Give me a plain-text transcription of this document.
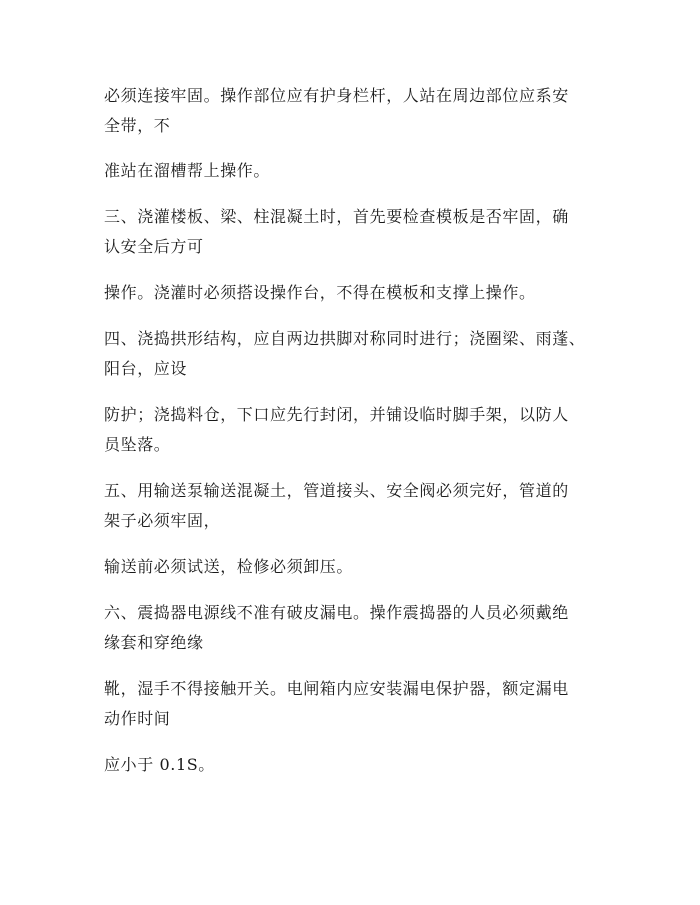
必须连接牢固。操作部位应有护身栏杆，人站在周边部位应系安

全带，不

准站在溜槽帮上操作。

三、浇灌楼板、梁、柱混凝土时，首先要检查模板是否牢固，确

认安全后方可

操作。浇灌时必须搭设操作台，不得在模板和支撑上操作。

四、浇捣拱形结构，应自两边拱脚对称同时进行；浇圈梁、雨蓬、

阳台，应设

防护；浇捣料仓，下口应先行封闭，并铺设临时脚手架，以防人

员坠落。

五、用输送泵输送混凝土，管道接头、安全阀必须完好，管道的

架子必须牢固，

输送前必须试送，检修必须卸压。

六、震捣器电源线不准有破皮漏电。操作震捣器的人员必须戴绝

缘套和穿绝缘

靴，湿手不得接触开关。电闸箱内应安装漏电保护器，额定漏电

动作时间

应小于 0.1S。
